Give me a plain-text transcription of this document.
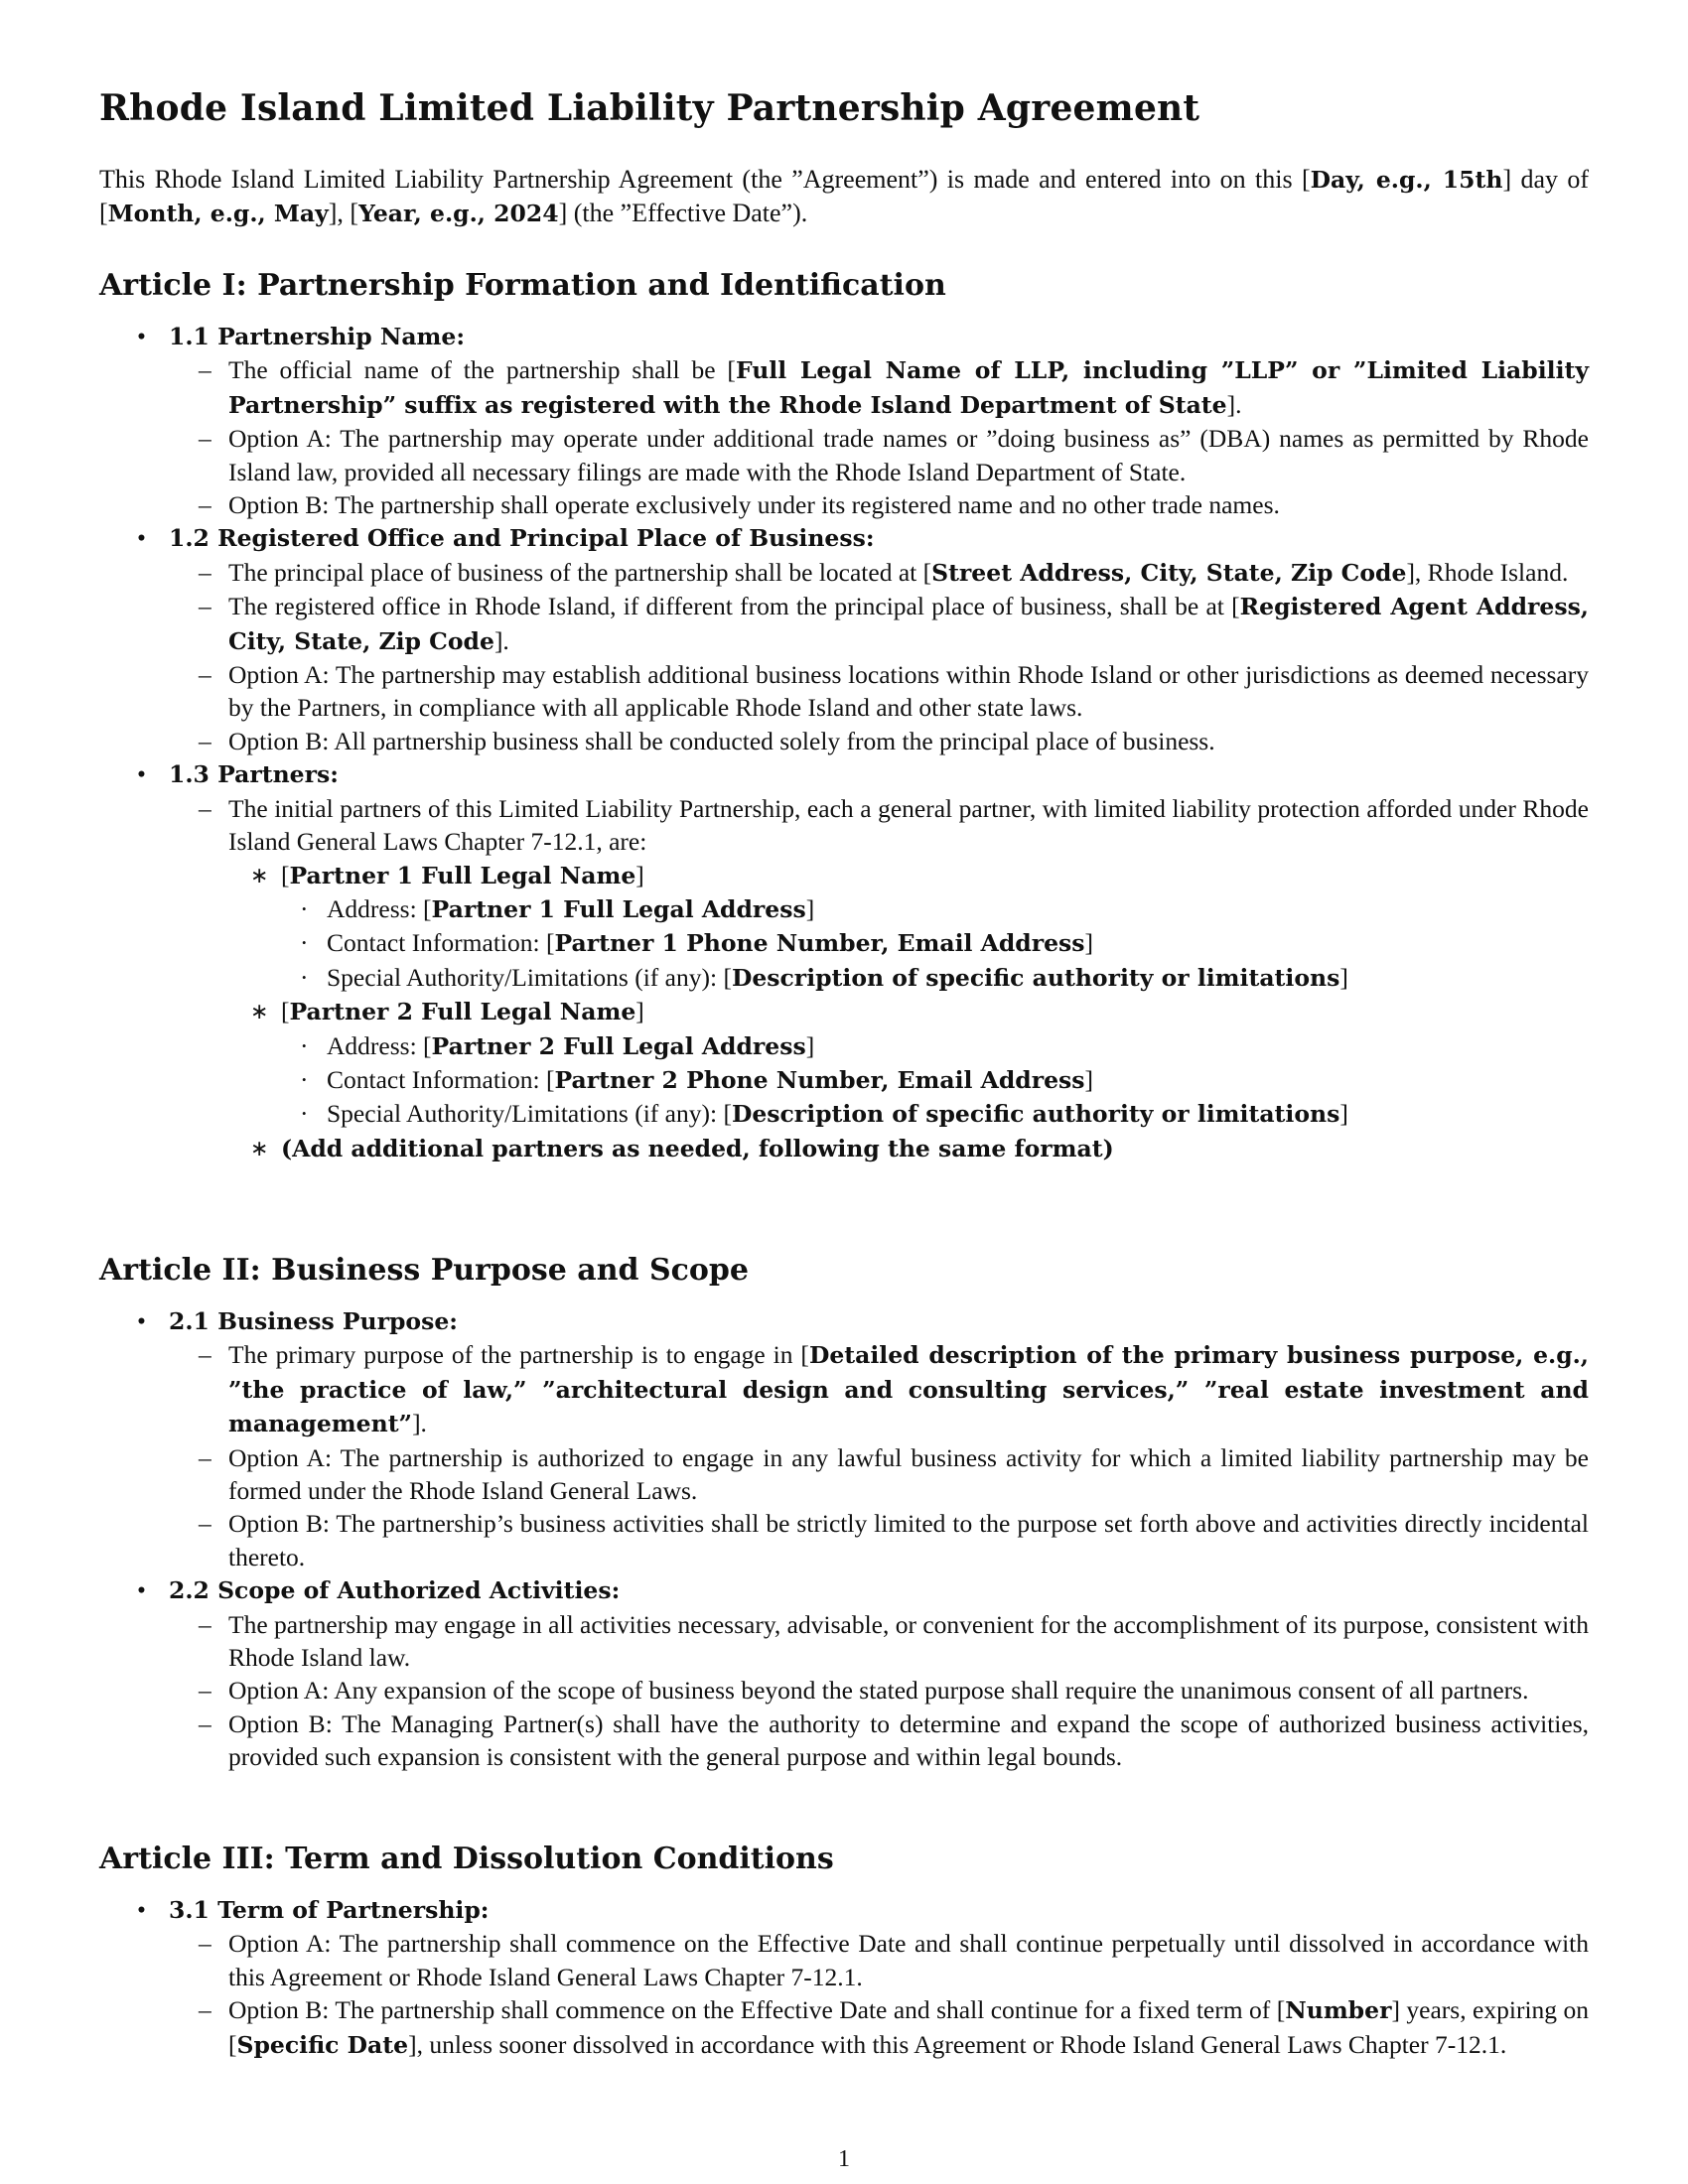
Rhode Island Limited Liability Partnership Agreement
This Rhode Island Limited Liability Partnership Agreement (the ”Agreement”) is made and entered into on this [Day, e.g., 15th] day of [Month, e.g., May], [Year, e.g., 2024] (the ”Effective Date”).
Article I: Partnership Formation and Identification
• 1.1 Partnership Name:
– The official name of the partnership shall be [Full Legal Name of LLP, including ”LLP” or ”Limited Liability Partnership” suffix as registered with the Rhode Island Department of State].
– Option A: The partnership may operate under additional trade names or ”doing business as” (DBA) names as permitted by Rhode Island law, provided all necessary filings are made with the Rhode Island Department of State.
– Option B: The partnership shall operate exclusively under its registered name and no other trade names.
• 1.2 Registered Office and Principal Place of Business:
– The principal place of business of the partnership shall be located at [Street Address, City, State, Zip Code], Rhode Island.
– The registered office in Rhode Island, if different from the principal place of business, shall be at [Registered Agent Address, City, State, Zip Code].
– Option A: The partnership may establish additional business locations within Rhode Island or other jurisdictions as deemed necessary by the Partners, in compliance with all applicable Rhode Island and other state laws.
– Option B: All partnership business shall be conducted solely from the principal place of business.
• 1.3 Partners:
– The initial partners of this Limited Liability Partnership, each a general partner, with limited liability protection afforded under Rhode Island General Laws Chapter 7-12.1, are:
∗ [Partner 1 Full Legal Name]
· Address: [Partner 1 Full Legal Address]
· Contact Information: [Partner 1 Phone Number, Email Address]
· Special Authority/Limitations (if any): [Description of specific authority or limitations]
∗ [Partner 2 Full Legal Name]
· Address: [Partner 2 Full Legal Address]
· Contact Information: [Partner 2 Phone Number, Email Address]
· Special Authority/Limitations (if any): [Description of specific authority or limitations]
∗ (Add additional partners as needed, following the same format)
Article II: Business Purpose and Scope
• 2.1 Business Purpose:
– The primary purpose of the partnership is to engage in [Detailed description of the primary business purpose, e.g., ”the practice of law,” ”architectural design and consulting services,” ”real estate investment and management”].
– Option A: The partnership is authorized to engage in any lawful business activity for which a limited liability partnership may be formed under the Rhode Island General Laws.
– Option B: The partnership’s business activities shall be strictly limited to the purpose set forth above and activities directly incidental thereto.
• 2.2 Scope of Authorized Activities:
– The partnership may engage in all activities necessary, advisable, or convenient for the accomplishment of its purpose, consistent with Rhode Island law.
– Option A: Any expansion of the scope of business beyond the stated purpose shall require the unanimous consent of all partners.
– Option B: The Managing Partner(s) shall have the authority to determine and expand the scope of authorized business activities, provided such expansion is consistent with the general purpose and within legal bounds.
Article III: Term and Dissolution Conditions
• 3.1 Term of Partnership:
– Option A: The partnership shall commence on the Effective Date and shall continue perpetually until dissolved in accordance with this Agreement or Rhode Island General Laws Chapter 7-12.1.
– Option B: The partnership shall commence on the Effective Date and shall continue for a fixed term of [Number] years, expiring on [Specific Date], unless sooner dissolved in accordance with this Agreement or Rhode Island General Laws Chapter 7-12.1.
1
